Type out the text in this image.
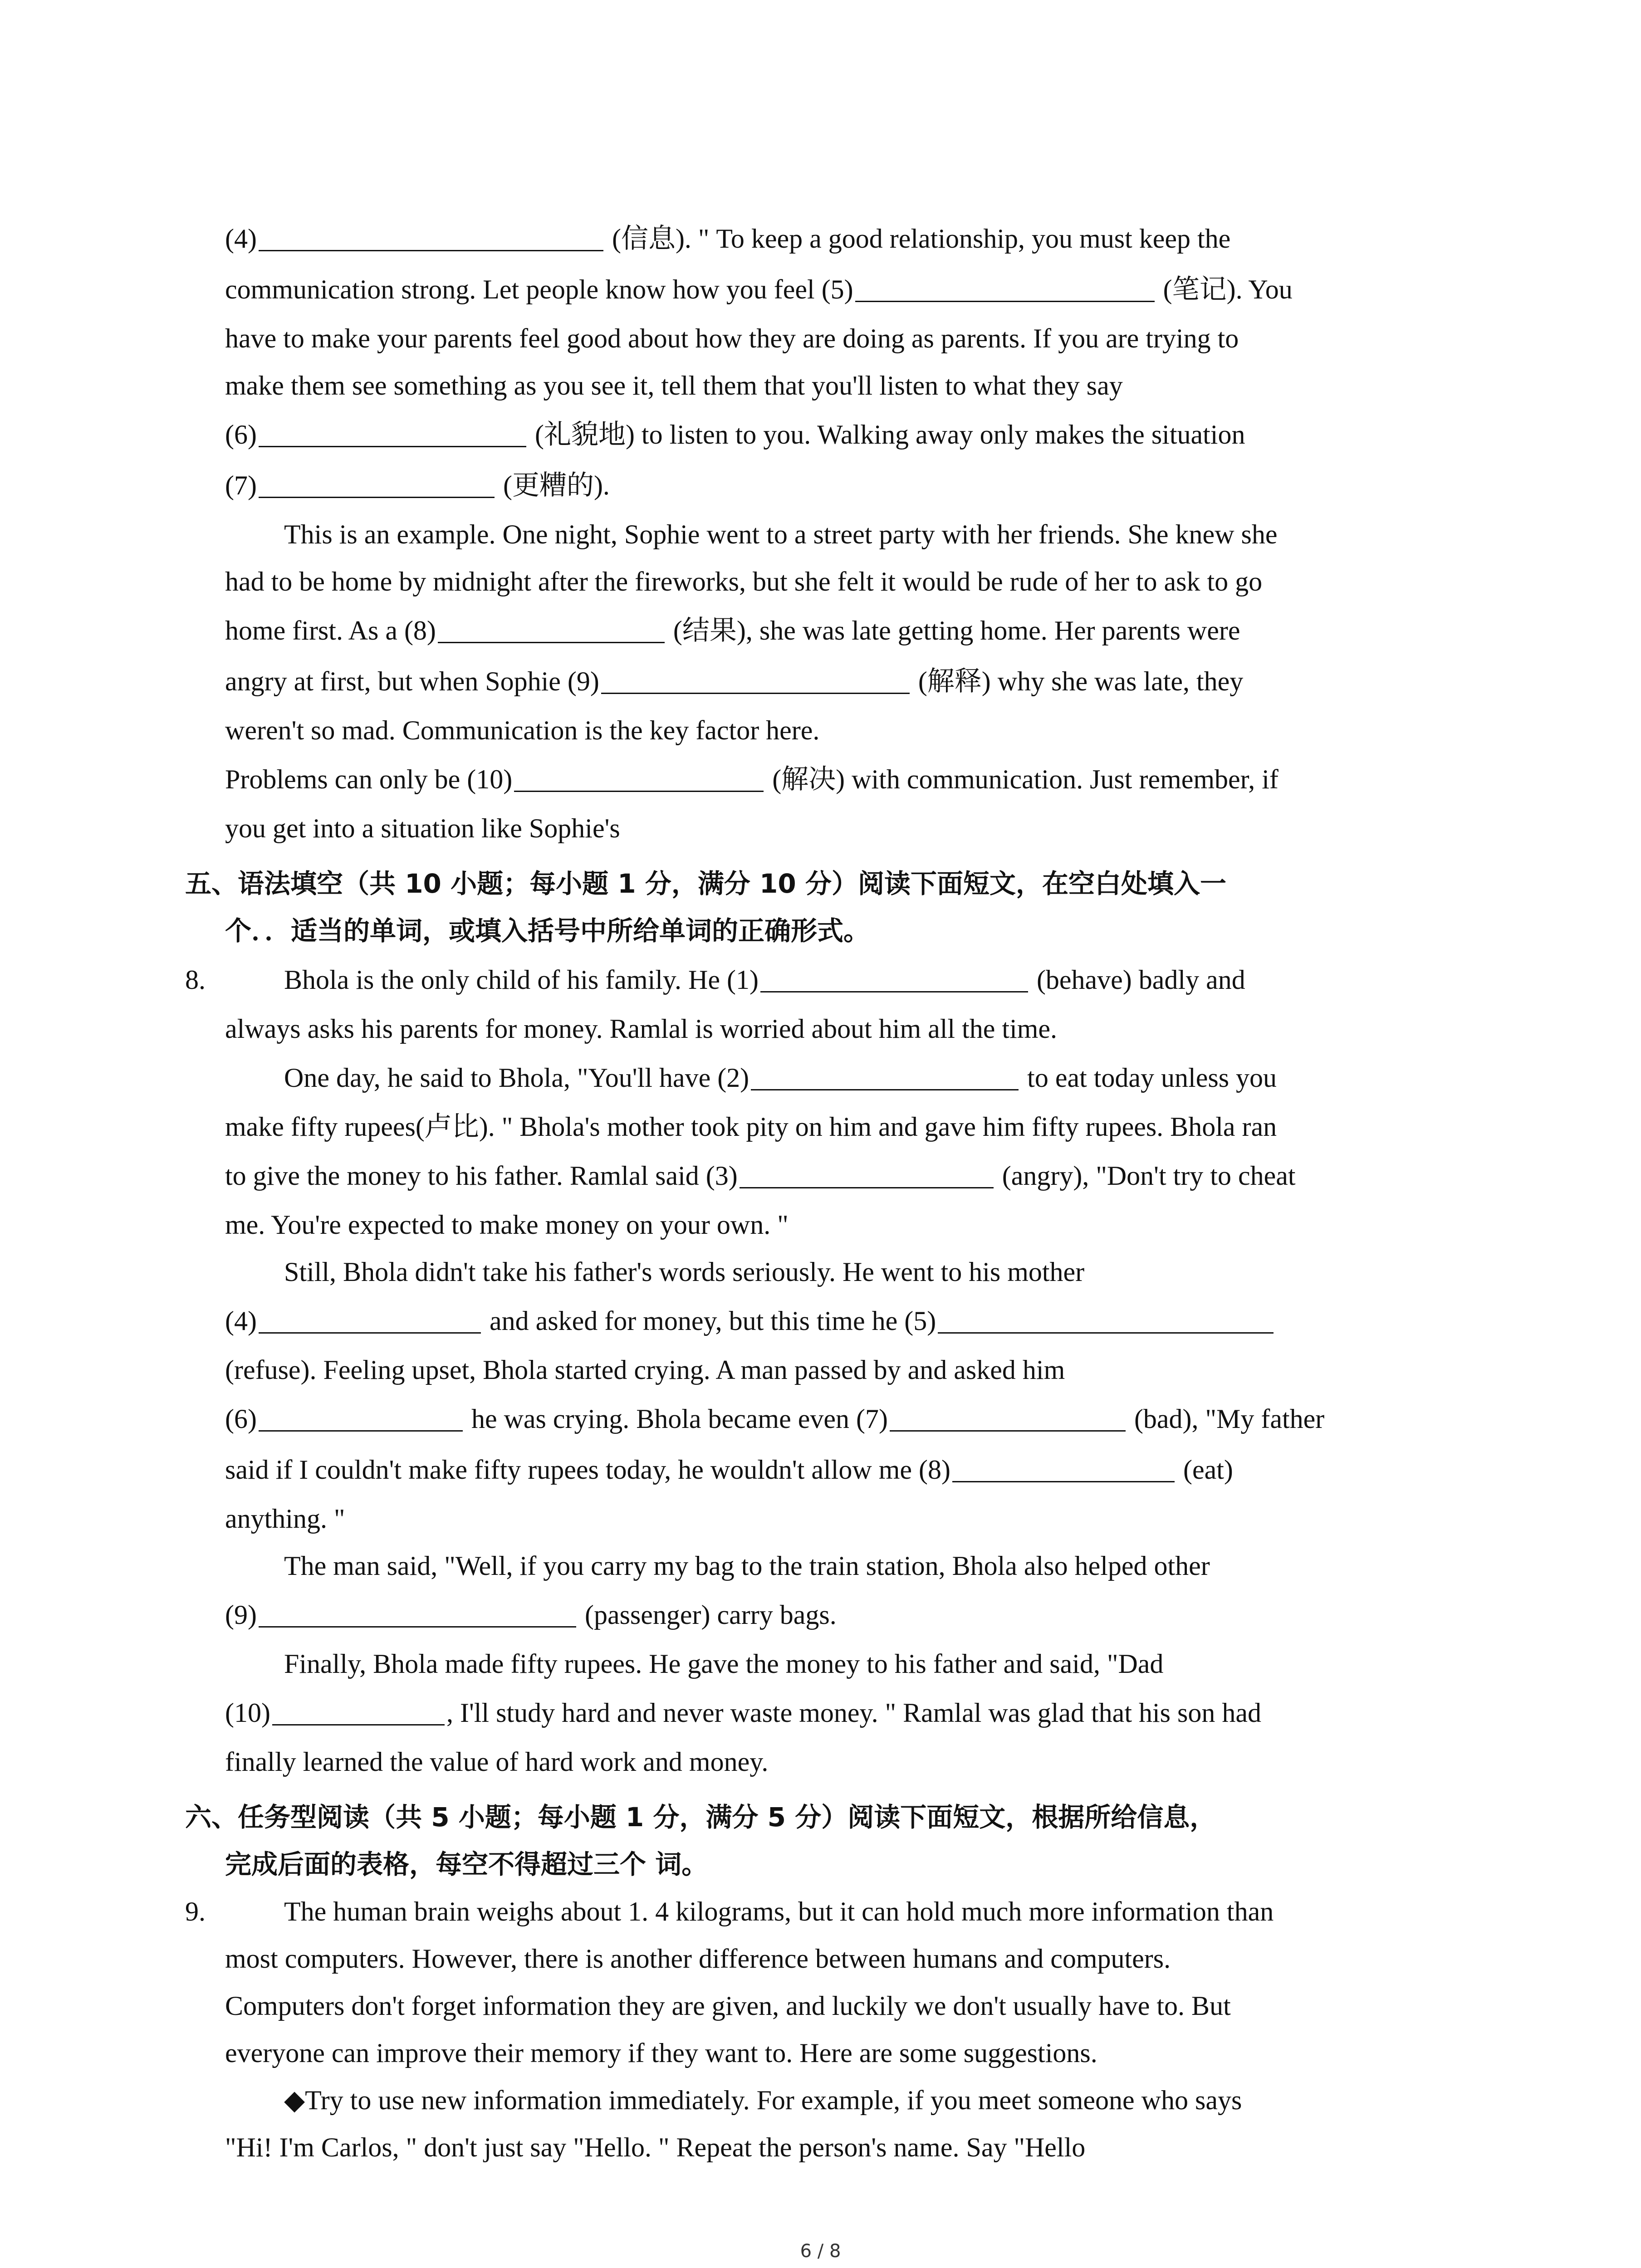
(4)	(信息). " To keep a good relationship, you must keep the
communication strong. Let people know how you feel (5)	(笔记). You
have to make your parents feel good about how they are doing as parents. If you are trying to
make them see something as you see it, tell them that you'll listen to what they say
(6)	(礼貌地) to listen to you. Walking away only makes the situation
(7)	(更糟的).
This is an example. One night, Sophie went to a street party with her friends. She knew she
had to be home by midnight after the fireworks, but she felt it would be rude of her to ask to go
home first. As a (8)	(结果), she was late getting home. Her parents were
angry at first, but when Sophie (9)	(解释) why she was late, they
weren't so mad. Communication is the key factor here.
Problems can only be (10)	(解决) with communication. Just remember, if
you get into a situation like Sophie's
五、语法填空（共 10 小题；每小题 1 分，满分 10 分）阅读下面短文，在空白处填入一
个．．适当的单词，或填入括号中所给单词的正确形式。
8.	Bhola is the only child of his family. He (1)	(behave) badly and
always asks his parents for money. Ramlal is worried about him all the time.
One day, he said to Bhola, "You'll have (2)	to eat today unless you
make fifty rupees(卢比). " Bhola's mother took pity on him and gave him fifty rupees. Bhola ran
to give the money to his father. Ramlal said (3)	(angry), "Don't try to cheat
me. You're expected to make money on your own. "
Still, Bhola didn't take his father's words seriously. He went to his mother
(4)	and asked for money, but this time he (5)
(refuse). Feeling upset, Bhola started crying. A man passed by and asked him
(6)	he was crying. Bhola became even (7)	(bad), "My father
said if I couldn't make fifty rupees today, he wouldn't allow me (8)	(eat)
anything. "
The man said, "Well, if you carry my bag to the train station, Bhola also helped other
(9)	(passenger) carry bags.
Finally, Bhola made fifty rupees. He gave the money to his father and said, "Dad
(10)	, I'll study hard and never waste money. " Ramlal was glad that his son had
finally learned the value of hard work and money.
六、任务型阅读（共 5 小题；每小题 1 分，满分 5 分）阅读下面短文，根据所给信息，
完成后面的表格，每空不得超过三个 词。
9.	The human brain weighs about 1. 4 kilograms, but it can hold much more information than
most computers. However, there is another difference between humans and computers.
Computers don't forget information they are given, and luckily we don't usually have to. But
everyone can improve their memory if they want to. Here are some suggestions.
◆Try to use new information immediately. For example, if you meet someone who says
"Hi! I'm Carlos, " don't just say "Hello. " Repeat the person's name. Say "Hello
6 / 8
